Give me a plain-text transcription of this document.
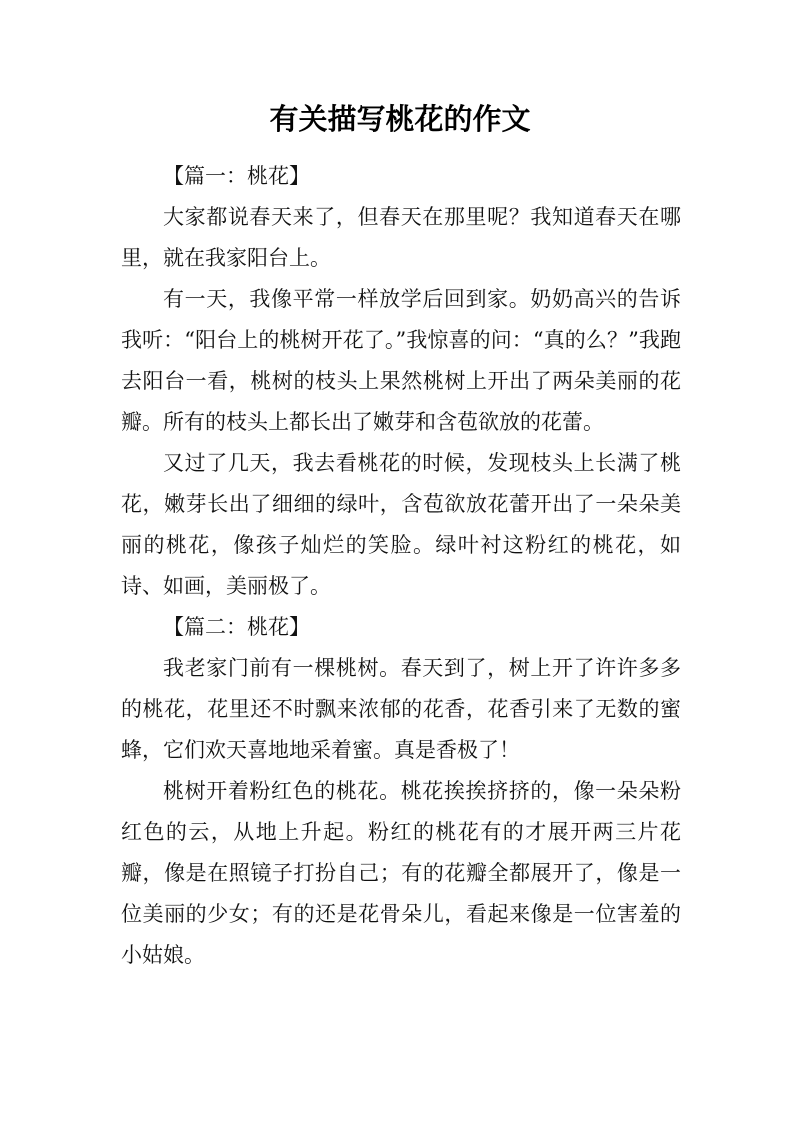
有关描写桃花的作文

【篇一：桃花】

大家都说春天来了，但春天在那里呢？我知道春天在哪里，就在我家阳台上。

有一天，我像平常一样放学后回到家。奶奶高兴的告诉我听：“阳台上的桃树开花了。”我惊喜的问：“真的么？”我跑去阳台一看，桃树的枝头上果然桃树上开出了两朵美丽的花瓣。所有的枝头上都长出了嫩芽和含苞欲放的花蕾。

又过了几天，我去看桃花的时候，发现枝头上长满了桃花，嫩芽长出了细细的绿叶，含苞欲放花蕾开出了一朵朵美丽的桃花，像孩子灿烂的笑脸。绿叶衬这粉红的桃花，如诗、如画，美丽极了。

【篇二：桃花】

我老家门前有一棵桃树。春天到了，树上开了许许多多的桃花，花里还不时飘来浓郁的花香，花香引来了无数的蜜蜂，它们欢天喜地地采着蜜。真是香极了！

桃树开着粉红色的桃花。桃花挨挨挤挤的，像一朵朵粉红色的云，从地上升起。粉红的桃花有的才展开两三片花瓣，像是在照镜子打扮自己；有的花瓣全都展开了，像是一位美丽的少女；有的还是花骨朵儿，看起来像是一位害羞的小姑娘。
